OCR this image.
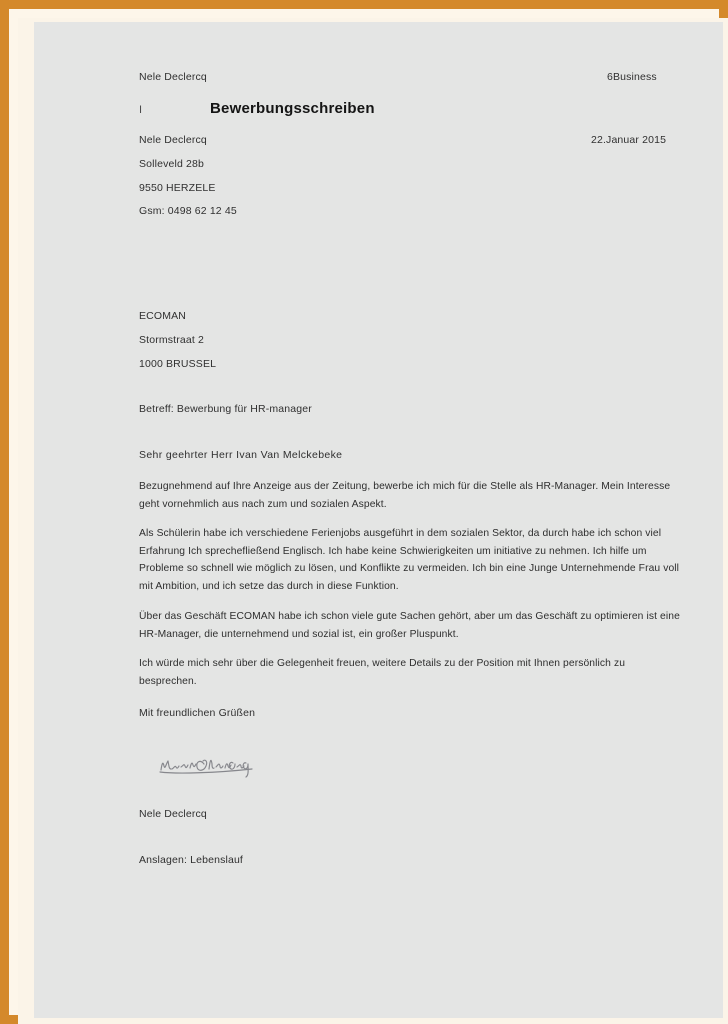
Nele Declercq	6Business
I	Bewerbungsschreiben
Nele Declercq	22.Januar 2015
Solleveld 28b
9550 HERZELE
Gsm: 0498 62 12 45
ECOMAN
Stormstraat 2
1000 BRUSSEL
Betreff: Bewerbung für HR-manager
Sehr geehrter Herr Ivan Van Melckebeke
Bezugnehmend auf Ihre Anzeige aus der Zeitung, bewerbe ich mich für die Stelle als HR-Manager. Mein Interesse geht vornehmlich aus nach zum und sozialen Aspekt.
Als Schülerin habe ich verschiedene Ferienjobs ausgeführt in dem sozialen Sektor, da durch habe ich schon viel Erfahrung Ich sprechefließend Englisch. Ich habe keine Schwierigkeiten um initiative zu nehmen. Ich hilfe um Probleme so schnell wie möglich zu lösen, und Konflikte zu vermeiden. Ich bin eine Junge Unternehmende Frau voll mit Ambition, und ich setze das durch in diese Funktion.
Über das Geschäft ECOMAN habe ich schon viele gute Sachen gehört, aber um das Geschäft zu optimieren ist eine HR-Manager, die unternehmend und sozial ist, ein großer Pluspunkt.
Ich würde mich sehr über die Gelegenheit freuen, weitere Details zu der Position mit Ihnen persönlich zu besprechen.
Mit freundlichen Grüßen
Nele Declercq
Anslagen: Lebenslauf
